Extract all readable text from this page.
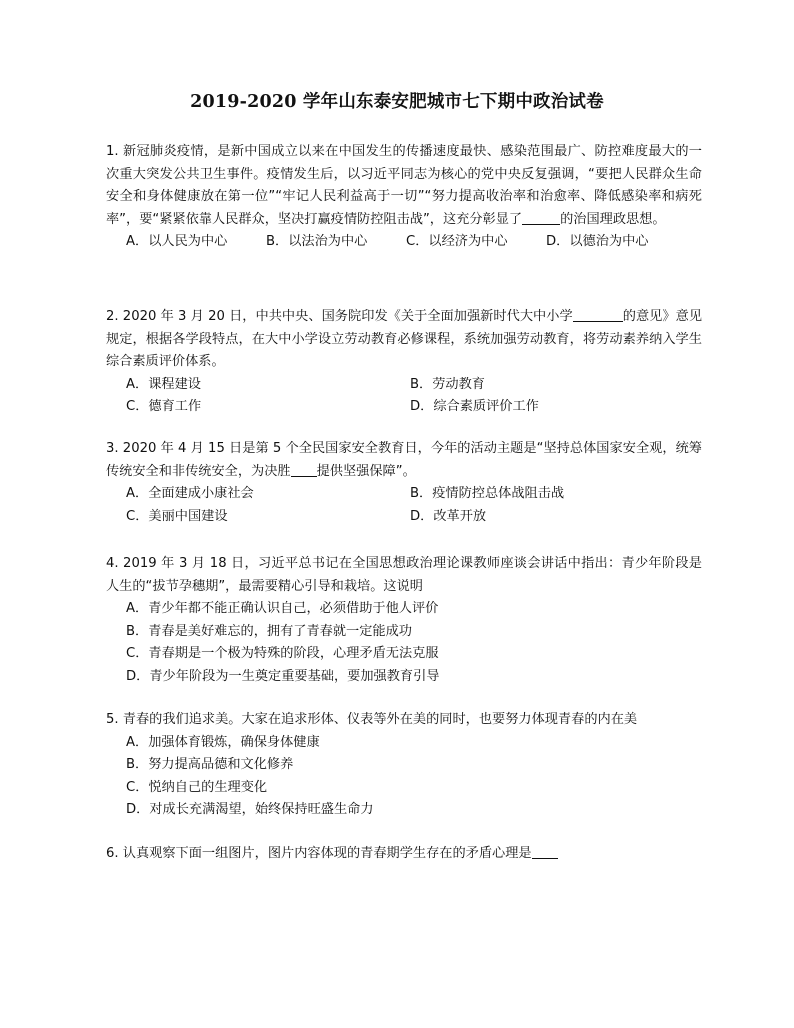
2019-2020 学年山东泰安肥城市七下期中政治试卷
1. 新冠肺炎疫情，是新中国成立以来在中国发生的传播速度最快、感染范围最广、防控难度最大的一次重大突发公共卫生事件。疫情发生后，以习近平同志为核心的党中央反复强调，“要把人民群众生命安全和身体健康放在第一位”“牢记人民利益高于一切”“努力提高收治率和治愈率、降低感染率和病死率”，要“紧紧依靠人民群众，坚决打赢疫情防控阻击战”，这充分彰显了	的治国理政思想。
A．以人民为中心	B．以法治为中心	C．以经济为中心	D．以德治为中心
2. 2020 年 3 月 20 日，中共中央、国务院印发《关于全面加强新时代大中小学	的意见》意见规定，根据各学段特点，在大中小学设立劳动教育必修课程，系统加强劳动教育，将劳动素养纳入学生综合素质评价体系。
A．课程建设	B．劳动教育
C．德育工作	D．综合素质评价工作
3. 2020 年 4 月 15 日是第 5 个全民国家安全教育日，今年的活动主题是“坚持总体国家安全观，统筹传统安全和非传统安全，为决胜 提供坚强保障”。
A．全面建成小康社会	B．疫情防控总体战阻击战
C．美丽中国建设	D．改革开放
4. 2019 年 3 月 18 日，习近平总书记在全国思想政治理论课教师座谈会讲话中指出：青少年阶段是人生的“拔节孕穗期”，最需要精心引导和栽培。这说明
A．青少年都不能正确认识自己，必须借助于他人评价
B．青春是美好难忘的，拥有了青春就一定能成功
C．青春期是一个极为特殊的阶段，心理矛盾无法克服
D．青少年阶段为一生奠定重要基础，要加强教育引导
5. 青春的我们追求美。大家在追求形体、仪表等外在美的同时，也要努力体现青春的内在美
A．加强体育锻炼，确保身体健康
B．努力提高品德和文化修养
C．悦纳自己的生理变化
D．对成长充满渴望，始终保持旺盛生命力
6. 认真观察下面一组图片，图片内容体现的青春期学生存在的矛盾心理是
